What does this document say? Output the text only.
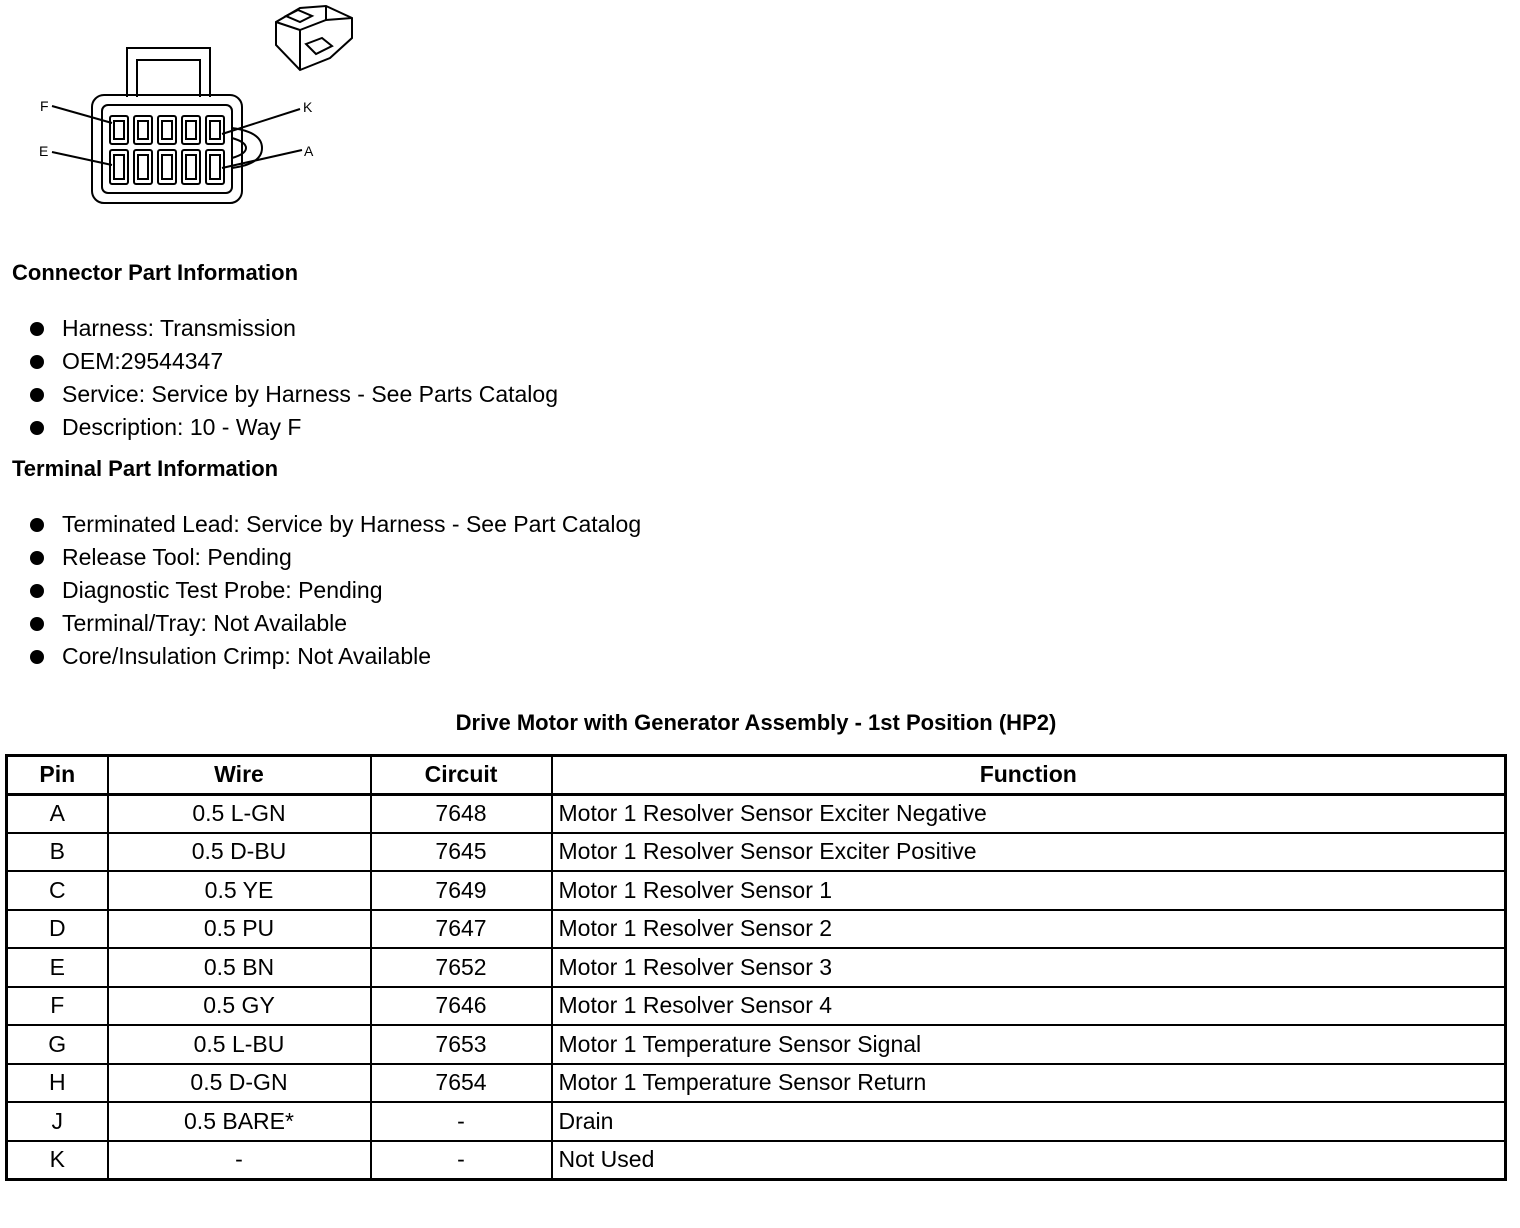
F
E
K
A
Connector Part Information
Harness: Transmission
OEM:29544347
Service: Service by Harness - See Parts Catalog
Description: 10 - Way F
Terminal Part Information
Terminated Lead: Service by Harness - See Part Catalog
Release Tool: Pending
Diagnostic Test Probe: Pending
Terminal/Tray: Not Available
Core/Insulation Crimp: Not Available
Drive Motor with Generator Assembly - 1st Position (HP2)
Pin	Wire	Circuit	Function
A	0.5 L-GN	7648	Motor 1 Resolver Sensor Exciter Negative
B	0.5 D-BU	7645	Motor 1 Resolver Sensor Exciter Positive
C	0.5 YE	7649	Motor 1 Resolver Sensor 1
D	0.5 PU	7647	Motor 1 Resolver Sensor 2
E	0.5 BN	7652	Motor 1 Resolver Sensor 3
F	0.5 GY	7646	Motor 1 Resolver Sensor 4
G	0.5 L-BU	7653	Motor 1 Temperature Sensor Signal
H	0.5 D-GN	7654	Motor 1 Temperature Sensor Return
J	0.5 BARE*	-	Drain
K	-	-	Not Used
